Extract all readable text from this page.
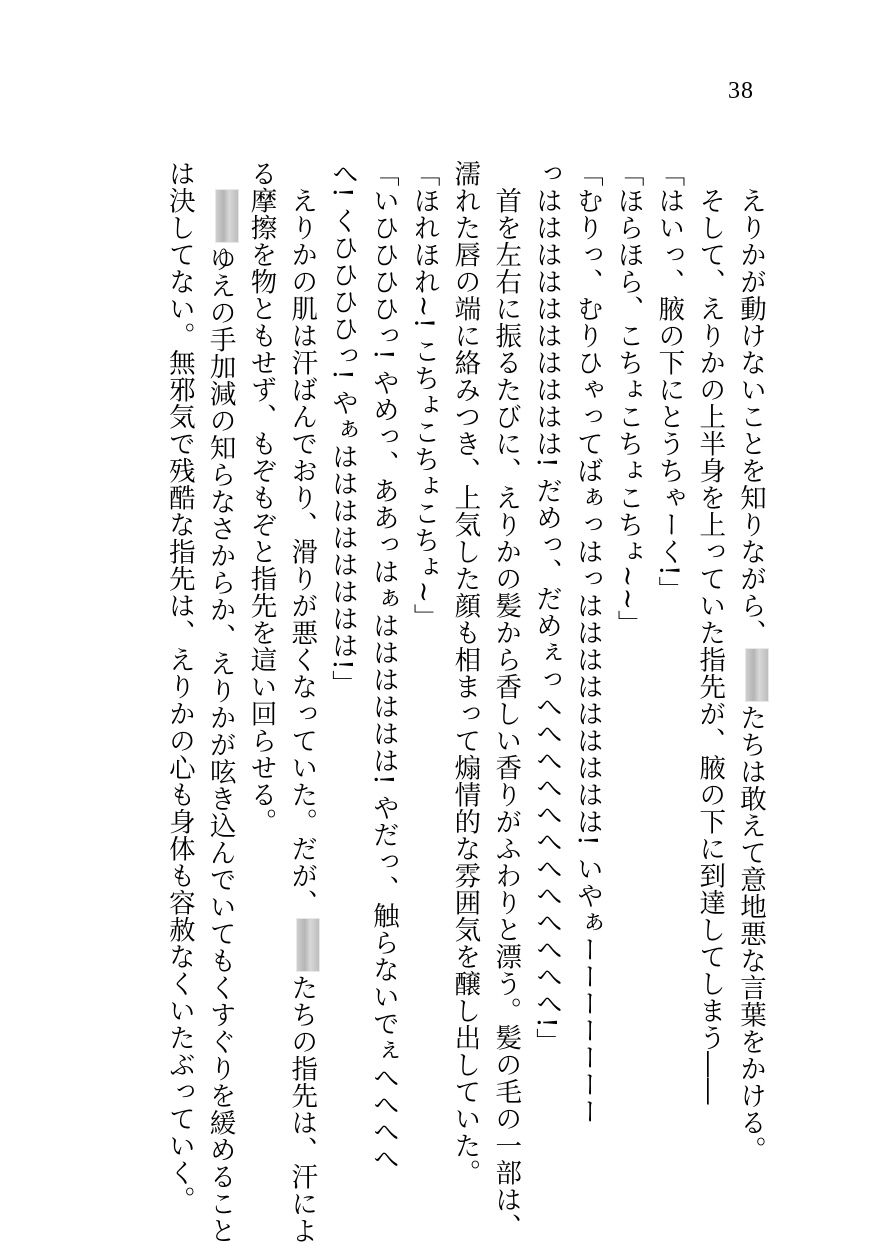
38
　えりかが動けないことを知りながら、たちは敢えて意地悪な言葉をかける。
　そして、えりかの上半身を上っていた指先が、腋の下に到達してしまう――
「はいっ、腋の下にとうちゃーく!」
「ほらほら、こちょこちょこちょ~~」
「むりっ、むりひゃってばぁっはっははははははははは! いやぁーーーーーーー
っはははははははははは! だめっ、だめぇっへへへへへへへへへへへへ!」
　首を左右に振るたびに、えりかの髪から香しい香りがふわりと漂う。髪の毛の一部は、
濡れた唇の端に絡みつき、上気した顔も相まって煽情的な雰囲気を醸し出していた。
「ほれほれ~! こちょこちょこちょ~」
「いひひひひっ! やめっ、ああっはぁはははははは! やだっ、触らないでぇへへへへ
へ! くひひひひっ! やぁはははははははは!」
　えりかの肌は汗ばんでおり、滑りが悪くなっていた。だが、たちの指先は、汗によ
る摩擦を物ともせず、もぞもぞと指先を這い回らせる。
　ゆえの手加減の知らなさからか、えりかが呟き込んでいてもくすぐりを緩めること
は決してない。無邪気で残酷な指先は、えりかの心も身体も容赦なくいたぶっていく。
